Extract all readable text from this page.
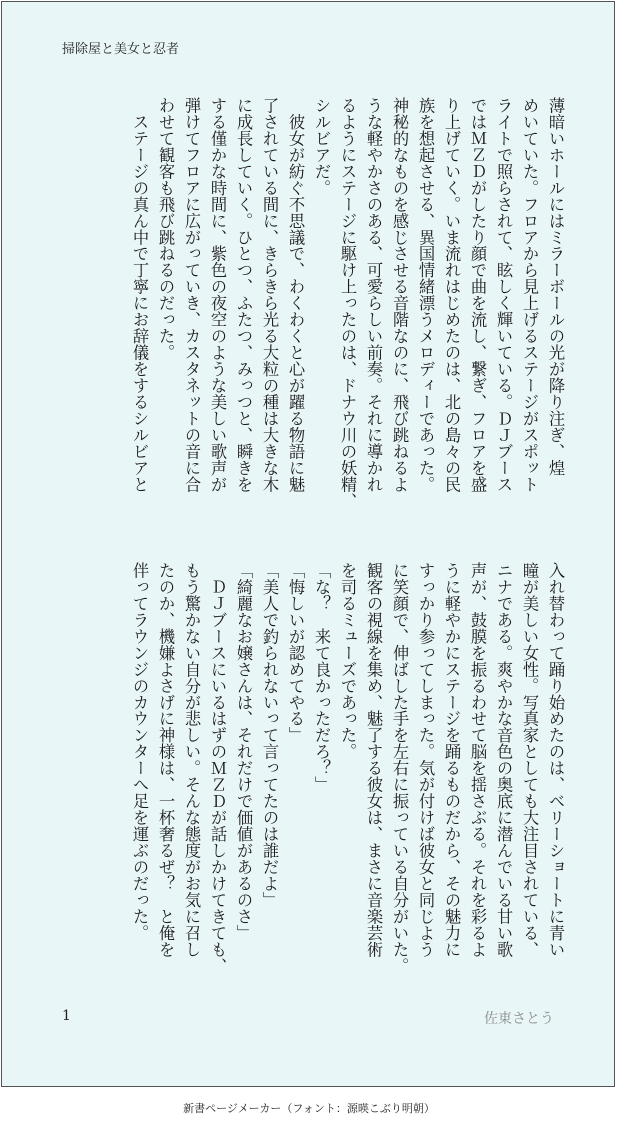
掃除屋と美女と忍者

薄暗いホールにはミラーボールの光が降り注ぎ、煌

めいていた。フロアから見上げるステージがスポット

ライトで照らされて、眩しく輝いている。ＤＪブース

ではＭＺＤがしたり顔で曲を流し、繋ぎ、フロアを盛

り上げていく。いま流れはじめたのは、北の島々の民

族を想起させる、異国情緒漂うメロディーであった。

神秘的なものを感じさせる音階なのに、飛び跳ねるよ

うな軽やかさのある、可愛らしい前奏。それに導かれ

るようにステージに駆け上ったのは、ドナウ川の妖精、

シルビアだ。

　彼女が紡ぐ不思議で、わくわくと心が躍る物語に魅

了されている間に、きらきら光る大粒の種は大きな木

に成長していく。ひとつ、ふたつ、みっつと、瞬きを

する僅かな時間に、紫色の夜空のような美しい歌声が

弾けてフロアに広がっていき、カスタネットの音に合

わせて観客も飛び跳ねるのだった。

　ステージの真ん中で丁寧にお辞儀をするシルビアと

入れ替わって踊り始めたのは、ベリーショートに青い

瞳が美しい女性。写真家としても大注目されている、

ニナである。爽やかな音色の奥底に潜んでいる甘い歌

声が、鼓膜を振るわせて脳を揺さぶる。それを彩るよ

うに軽やかにステージを踊るものだから、その魅力に

すっかり参ってしまった。気が付けば彼女と同じよう

に笑顔で、伸ばした手を左右に振っている自分がいた。

観客の視線を集め、魅了する彼女は、まさに音楽芸術

を司るミューズであった。

「な？　来て良かっただろ？」

「悔しいが認めてやる」

「美人で釣られないって言ってたのは誰だよ」

「綺麗なお嬢さんは、それだけで価値があるのさ」

　ＤＪブースにいるはずのＭＺＤが話しかけてきても、

もう驚かない自分が悲しい。そんな態度がお気に召し

たのか、機嫌よさげに神様は、一杯奢るぜ？　と俺を

伴ってラウンジのカウンターへ足を運ぶのだった。

1	佐東さとう
新書ページメーカー（フォント：源暎こぶり明朝）
